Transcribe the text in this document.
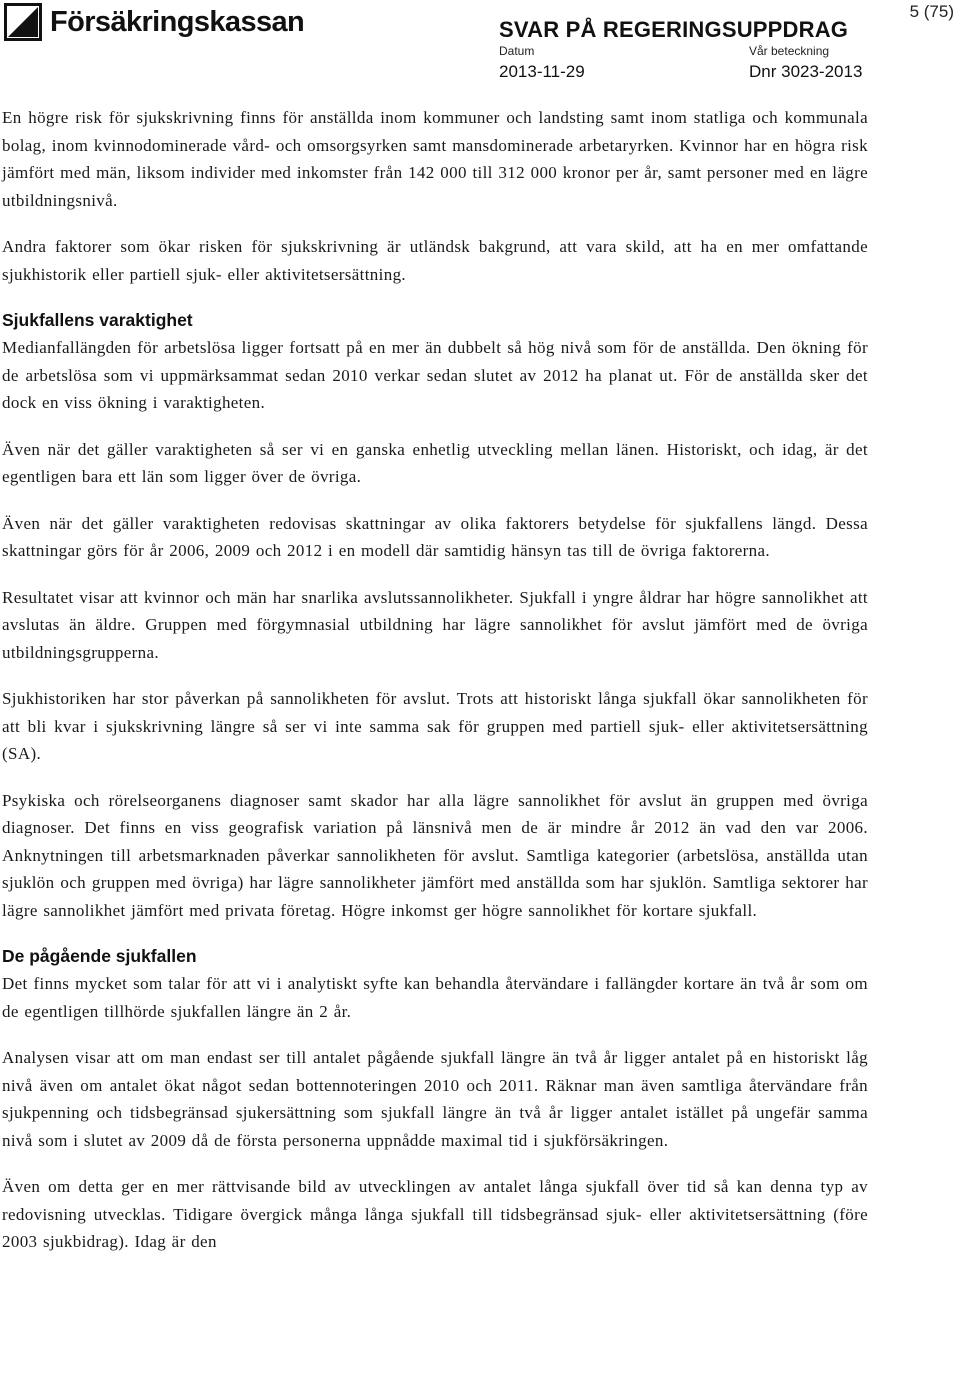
Försäkringskassan	SVAR PÅ REGERINGSUPPDRAG
5 (75)
Datum	Vår beteckning
2013-11-29	Dnr 3023-2013

En högre risk för sjukskrivning finns för anställda inom kommuner och landsting samt inom statliga och kommunala bolag, inom kvinnodominerade vård- och omsorgsyrken samt mansdominerade arbetaryrken. Kvinnor har en högra risk jämfört med män, liksom individer med inkomster från 142 000 till 312 000 kronor per år, samt personer med en lägre utbildningsnivå.

Andra faktorer som ökar risken för sjukskrivning är utländsk bakgrund, att vara skild, att ha en mer omfattande sjukhistorik eller partiell sjuk- eller aktivitetsersättning.

Sjukfallens varaktighet

Medianfallängden för arbetslösa ligger fortsatt på en mer än dubbelt så hög nivå som för de anställda. Den ökning för de arbetslösa som vi uppmärksammat sedan 2010 verkar sedan slutet av 2012 ha planat ut. För de anställda sker det dock en viss ökning i varaktigheten.

Även när det gäller varaktigheten så ser vi en ganska enhetlig utveckling mellan länen. Historiskt, och idag, är det egentligen bara ett län som ligger över de övriga.

Även när det gäller varaktigheten redovisas skattningar av olika faktorers betydelse för sjukfallens längd. Dessa skattningar görs för år 2006, 2009 och 2012 i en modell där samtidig hänsyn tas till de övriga faktorerna.

Resultatet visar att kvinnor och män har snarlika avslutssannolikheter. Sjukfall i yngre åldrar har högre sannolikhet att avslutas än äldre. Gruppen med förgymnasial utbildning har lägre sannolikhet för avslut jämfört med de övriga utbildningsgrupperna.

Sjukhistoriken har stor påverkan på sannolikheten för avslut. Trots att historiskt långa sjukfall ökar sannolikheten för att bli kvar i sjukskrivning längre så ser vi inte samma sak för gruppen med partiell sjuk- eller aktivitetsersättning (SA).

Psykiska och rörelseorganens diagnoser samt skador har alla lägre sannolikhet för avslut än gruppen med övriga diagnoser. Det finns en viss geografisk variation på länsnivå men de är mindre år 2012 än vad den var 2006. Anknytningen till arbetsmarknaden påverkar sannolikheten för avslut. Samtliga kategorier (arbetslösa, anställda utan sjuklön och gruppen med övriga) har lägre sannolikheter jämfört med anställda som har sjuklön. Samtliga sektorer har lägre sannolikhet jämfört med privata företag. Högre inkomst ger högre sannolikhet för kortare sjukfall.

De pågående sjukfallen

Det finns mycket som talar för att vi i analytiskt syfte kan behandla återvändare i fallängder kortare än två år som om de egentligen tillhörde sjukfallen längre än 2 år.

Analysen visar att om man endast ser till antalet pågående sjukfall längre än två år ligger antalet på en historiskt låg nivå även om antalet ökat något sedan bottennoteringen 2010 och 2011. Räknar man även samtliga återvändare från sjukpenning och tidsbegränsad sjukersättning som sjukfall längre än två år ligger antalet istället på ungefär samma nivå som i slutet av 2009 då de första personerna uppnådde maximal tid i sjukförsäkringen.

Även om detta ger en mer rättvisande bild av utvecklingen av antalet långa sjukfall över tid så kan denna typ av redovisning utvecklas. Tidigare övergick många långa sjukfall till tidsbegränsad sjuk- eller aktivitetsersättning (före 2003 sjukbidrag). Idag är den
